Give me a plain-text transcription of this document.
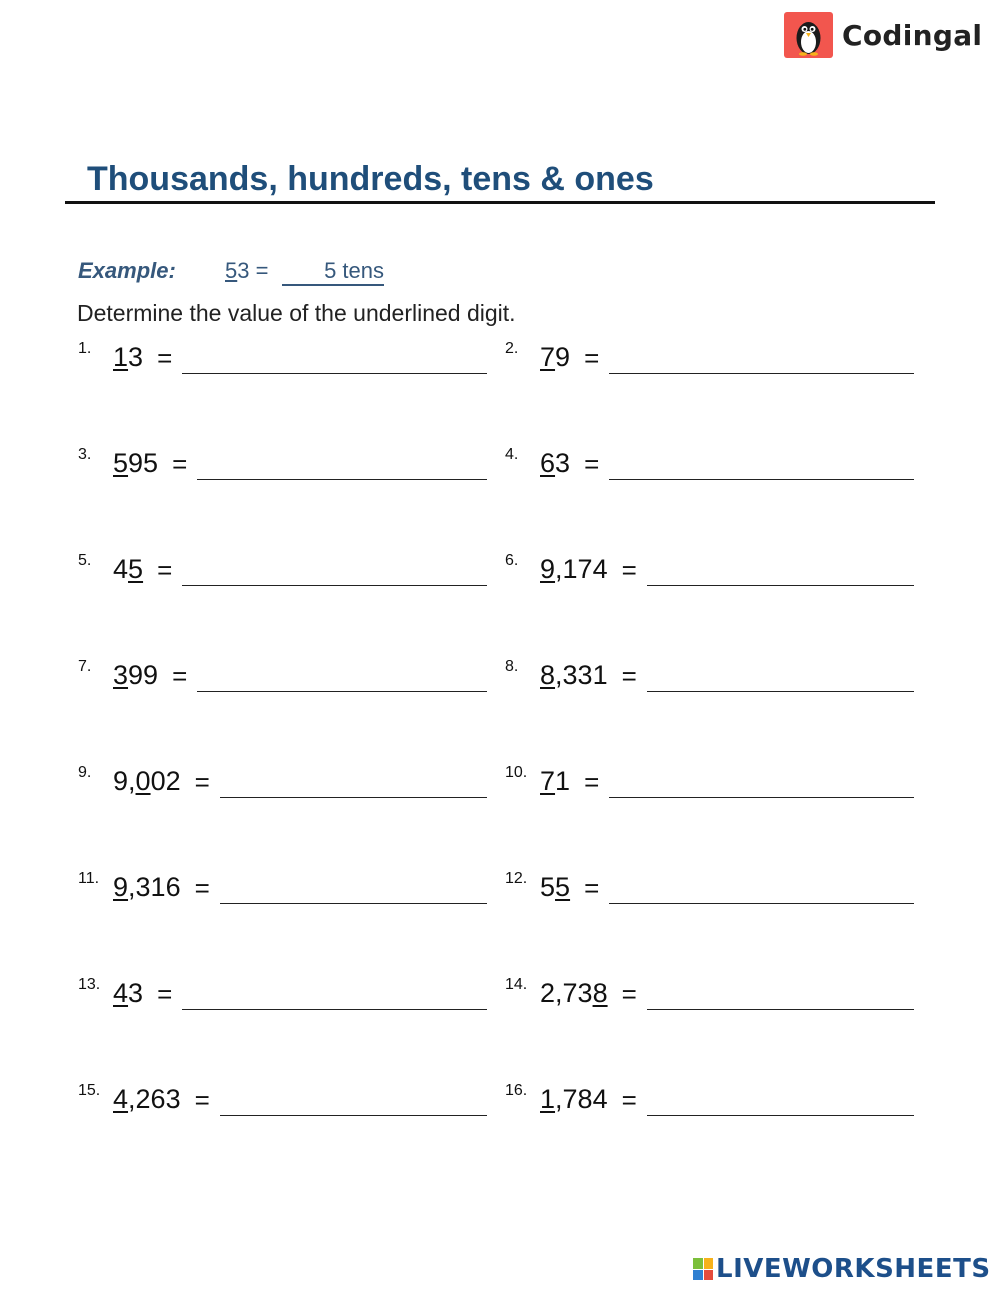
Codingal
Thousands, hundreds, tens & ones
Example: 53 =	5 tens
Determine the value of the underlined digit.
1. 13 =	2. 79 =
3. 595 =	4. 63 =
5. 45 =	6. 9,174 =
7. 399 =	8. 8,331 =
9. 9,002 =	10. 71 =
11. 9,316 =	12. 55 =
13. 43 =	14. 2,738 =
15. 4,263 =	16. 1,784 =
LIVEWORKSHEETS
